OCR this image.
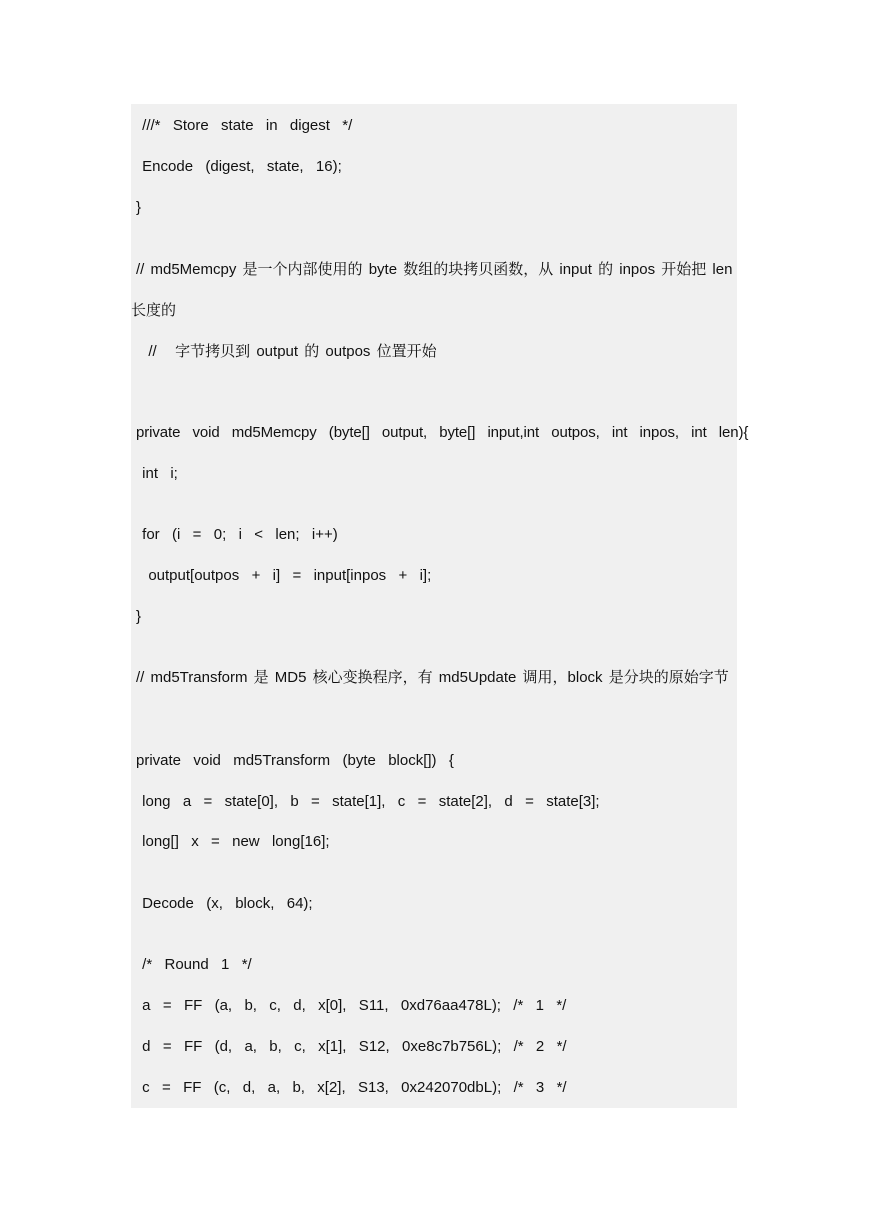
///*  Store  state  in  digest  */
Encode  (digest,  state,  16);
}
// md5Memcpy 是一个内部使用的 byte 数组的块拷贝函数，从 input 的 inpos 开始把 len
长度的
//   字节拷贝到 output 的 outpos 位置开始
private  void  md5Memcpy  (byte[]  output,  byte[]  input,int  outpos,  int  inpos,  int  len){
int  i;
for  (i  =  0;  i  <  len;  i++)
output[outpos  +  i]  =  input[inpos  +  i];
}
// md5Transform 是 MD5 核心变换程序，有 md5Update 调用，block 是分块的原始字节
private  void  md5Transform  (byte  block[])  {
long  a  =  state[0],  b  =  state[1],  c  =  state[2],  d  =  state[3];
long[]  x  =  new  long[16];
Decode  (x,  block,  64);
/*  Round  1  */
a  =  FF  (a,  b,  c,  d,  x[0],  S11,  0xd76aa478L);  /*  1  */
d  =  FF  (d,  a,  b,  c,  x[1],  S12,  0xe8c7b756L);  /*  2  */
c  =  FF  (c,  d,  a,  b,  x[2],  S13,  0x242070dbL);  /*  3  */
